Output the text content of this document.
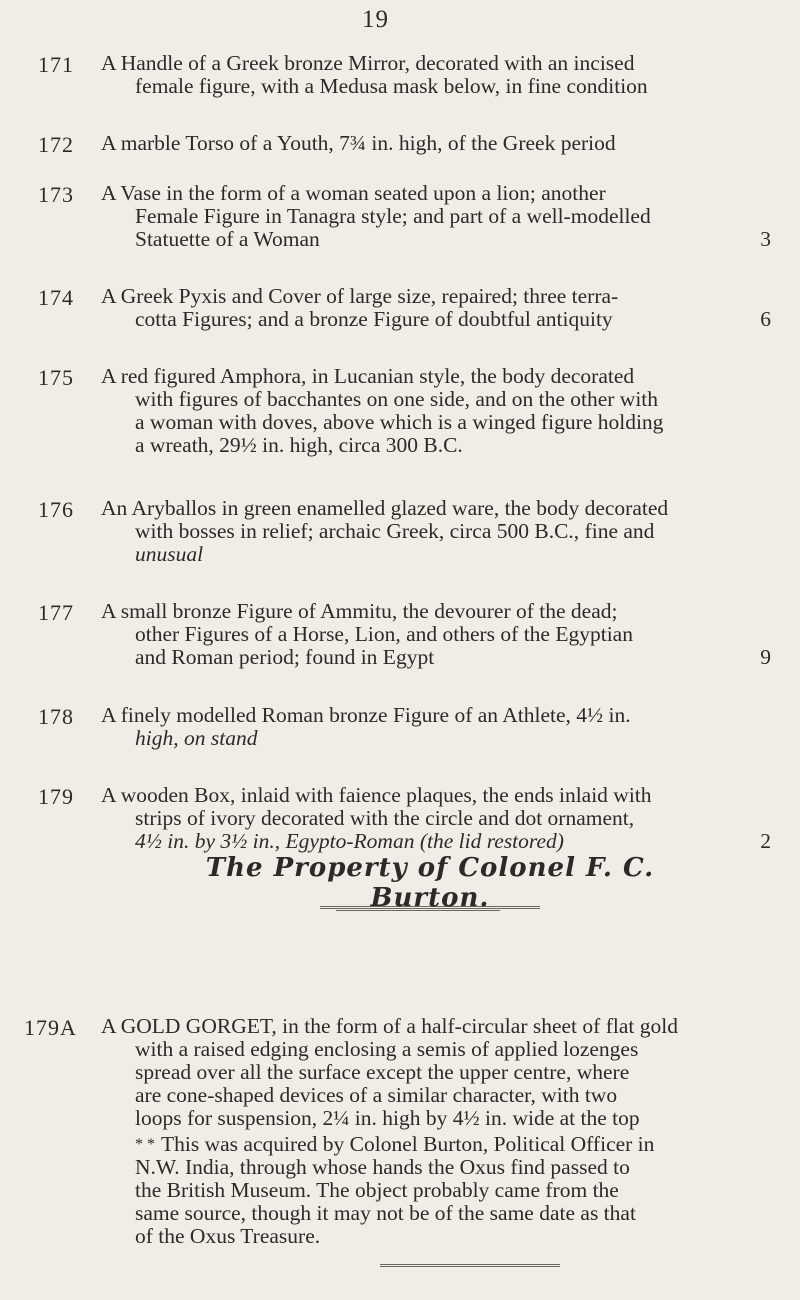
19
171 A Handle of a Greek bronze Mirror, decorated with an incised
female figure, with a Medusa mask below, in fine condition

172 A marble Torso of a Youth, 7¾ in. high, of the Greek period

173 A Vase in the form of a woman seated upon a lion; another
Female Figure in Tanagra style; and part of a well-modelled
Statuette of a Woman	3

174 A Greek Pyxis and Cover of large size, repaired; three terra-
cotta Figures; and a bronze Figure of doubtful antiquity	6

175 A red figured Amphora, in Lucanian style, the body decorated
with figures of bacchantes on one side, and on the other with
a woman with doves, above which is a winged figure holding
a wreath, 29½ in. high, circa 300 B.C.

176 An Aryballos in green enamelled glazed ware, the body decorated
with bosses in relief; archaic Greek, circa 500 B.C., fine and
unusual

177 A small bronze Figure of Ammitu, the devourer of the dead;
other Figures of a Horse, Lion, and others of the Egyptian
and Roman period; found in Egypt	9

178 A finely modelled Roman bronze Figure of an Athlete, 4½ in.
high, on stand

179 A wooden Box, inlaid with faience plaques, the ends inlaid with
strips of ivory decorated with the circle and dot ornament,
4½ in. by 3½ in., Egypto-Roman (the lid restored)	2

The Property of Colonel F. C. Burton.
179A A GOLD GORGET, in the form of a half-circular sheet of flat gold
with a raised edging enclosing a semis of applied lozenges
spread over all the surface except the upper centre, where
are cone-shaped devices of a similar character, with two
loops for suspension, 2¼ in. high by 4½ in. wide at the top

* * This was acquired by Colonel Burton, Political Officer in
N.W. India, through whose hands the Oxus find passed to
the British Museum. The object probably came from the
same source, though it may not be of the same date as that
of the Oxus Treasure.
